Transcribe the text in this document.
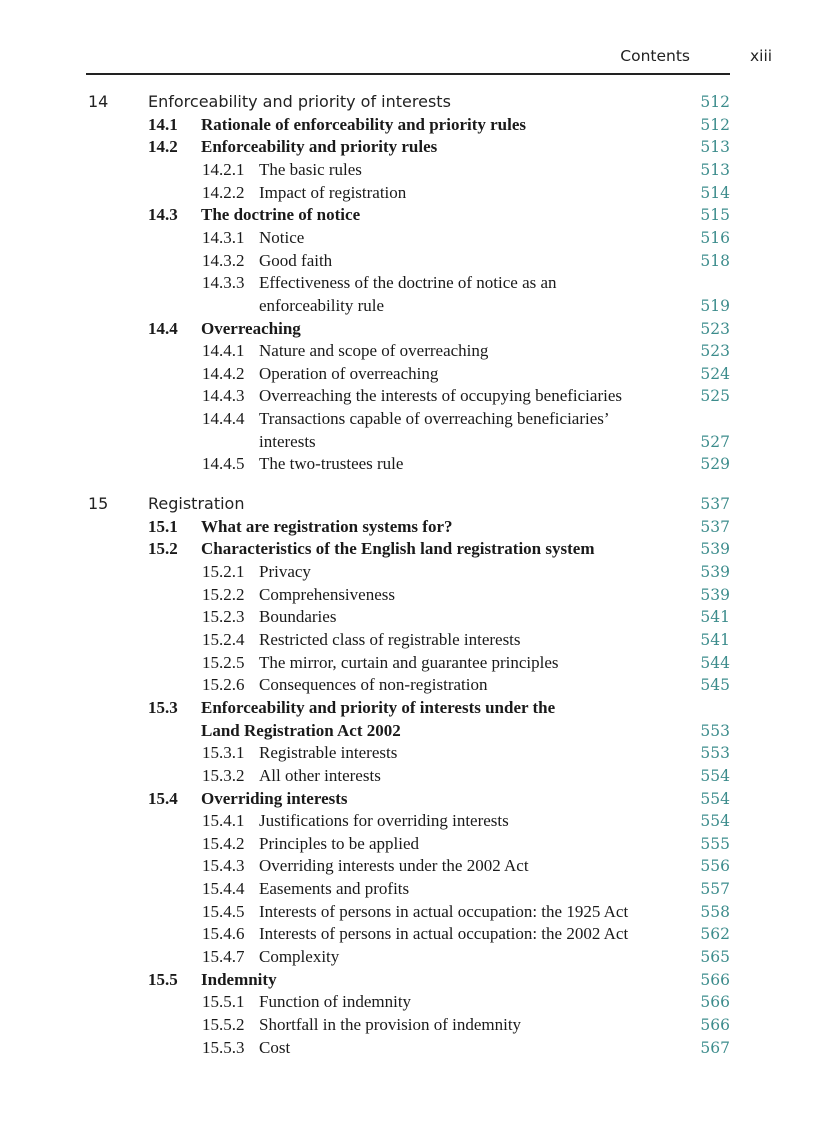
Contents	xiii
14 Enforceability and priority of interests	512
14.1 Rationale of enforceability and priority rules	512
14.2 Enforceability and priority rules	513
14.2.1 The basic rules	513
14.2.2 Impact of registration	514
14.3 The doctrine of notice	515
14.3.1 Notice	516
14.3.2 Good faith	518
14.3.3 Effectiveness of the doctrine of notice as an
enforceability rule	519
14.4 Overreaching	523
14.4.1 Nature and scope of overreaching	523
14.4.2 Operation of overreaching	524
14.4.3 Overreaching the interests of occupying beneficiaries	525
14.4.4 Transactions capable of overreaching beneficiaries’
interests	527
14.4.5 The two-trustees rule	529
15 Registration	537
15.1 What are registration systems for?	537
15.2 Characteristics of the English land registration system	539
15.2.1 Privacy	539
15.2.2 Comprehensiveness	539
15.2.3 Boundaries	541
15.2.4 Restricted class of registrable interests	541
15.2.5 The mirror, curtain and guarantee principles	544
15.2.6 Consequences of non-registration	545
15.3 Enforceability and priority of interests under the
Land Registration Act 2002	553
15.3.1 Registrable interests	553
15.3.2 All other interests	554
15.4 Overriding interests	554
15.4.1 Justifications for overriding interests	554
15.4.2 Principles to be applied	555
15.4.3 Overriding interests under the 2002 Act	556
15.4.4 Easements and profits	557
15.4.5 Interests of persons in actual occupation: the 1925 Act	558
15.4.6 Interests of persons in actual occupation: the 2002 Act	562
15.4.7 Complexity	565
15.5 Indemnity	566
15.5.1 Function of indemnity	566
15.5.2 Shortfall in the provision of indemnity	566
15.5.3 Cost	567
